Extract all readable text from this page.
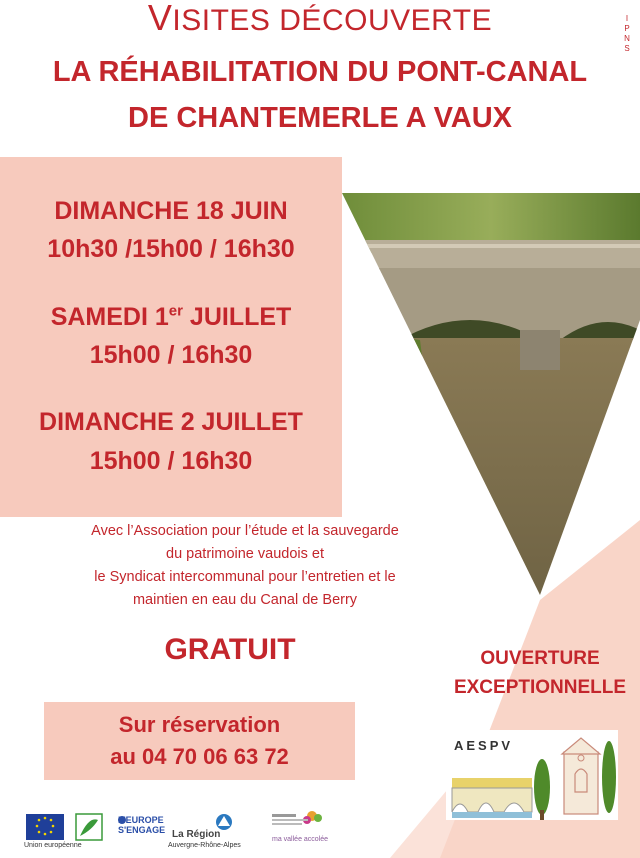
VISITES DÉCOUVERTE
LA RÉHABILITATION DU PONT-CANAL
DE CHANTEMERLE A VAUX
I
P
N
S
DIMANCHE 18 JUIN
10h30 /15h00 / 16h30
SAMEDI 1er JUILLET
15h00 / 16h30
DIMANCHE 2 JUILLET
15h00 / 16h30
Avec l’Association pour l’étude et la sauvegarde
du patrimoine vaudois et
le Syndicat intercommunal pour l’entretien et le
maintien en eau du Canal de Berry
GRATUIT	OUVERTURE
EXCEPTIONNELLE
Sur réservation
au 04 70 06 63 72	AESPV
Union européenne
L'EUROPE
S'ENGAGE La Région
Auvergne-Rhône-Alpes
ma vallée accolée
